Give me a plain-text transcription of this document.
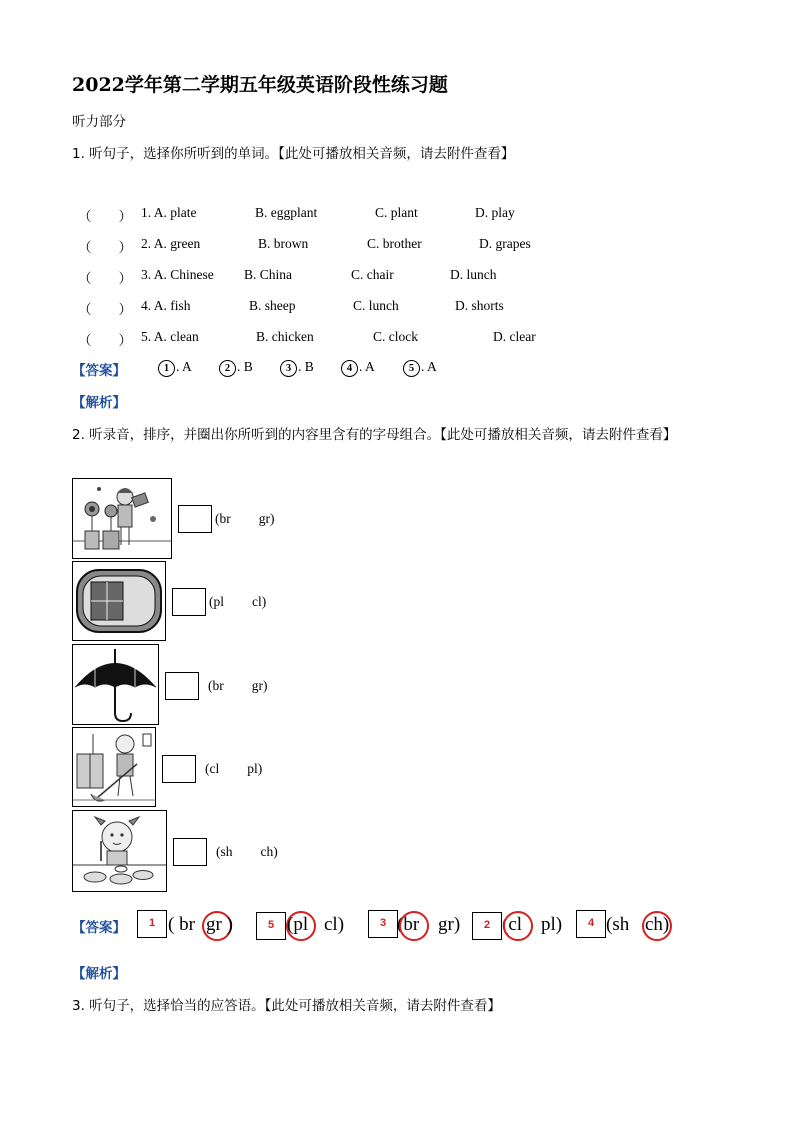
2022学年第二学期五年级英语阶段性练习题
听力部分
1. 听句子，选择你所听到的单词。【此处可播放相关音频，请去附件查看】
（　　） 1. A. plate	B. eggplant	C. plant	D. play
（　　） 2. A. green	B. brown	C. brother	D. grapes
（　　） 3. A. Chinese B. China	C. chair	D. lunch
（　　） 4. A. fish	B. sheep	C. lunch	D. shorts
（　　） 5. A. clean	B. chicken	C. clock	D. clear
【答案】	1 . A	2 . B	3 . B	4 . A	5 . A
【解析】
2. 听录音，排序，并圈出你所听到的内容里含有的字母组合。【此处可播放相关音频，请去附件查看】
(br gr)
(pl cl)
(br gr)
(cl pl)
(sh ch)
【答案】	1 ( br gr )	5 (pl cl)	3 (br gr)	2 (cl pl)	4 (sh ch)
【解析】
3. 听句子，选择恰当的应答语。【此处可播放相关音频，请去附件查看】
